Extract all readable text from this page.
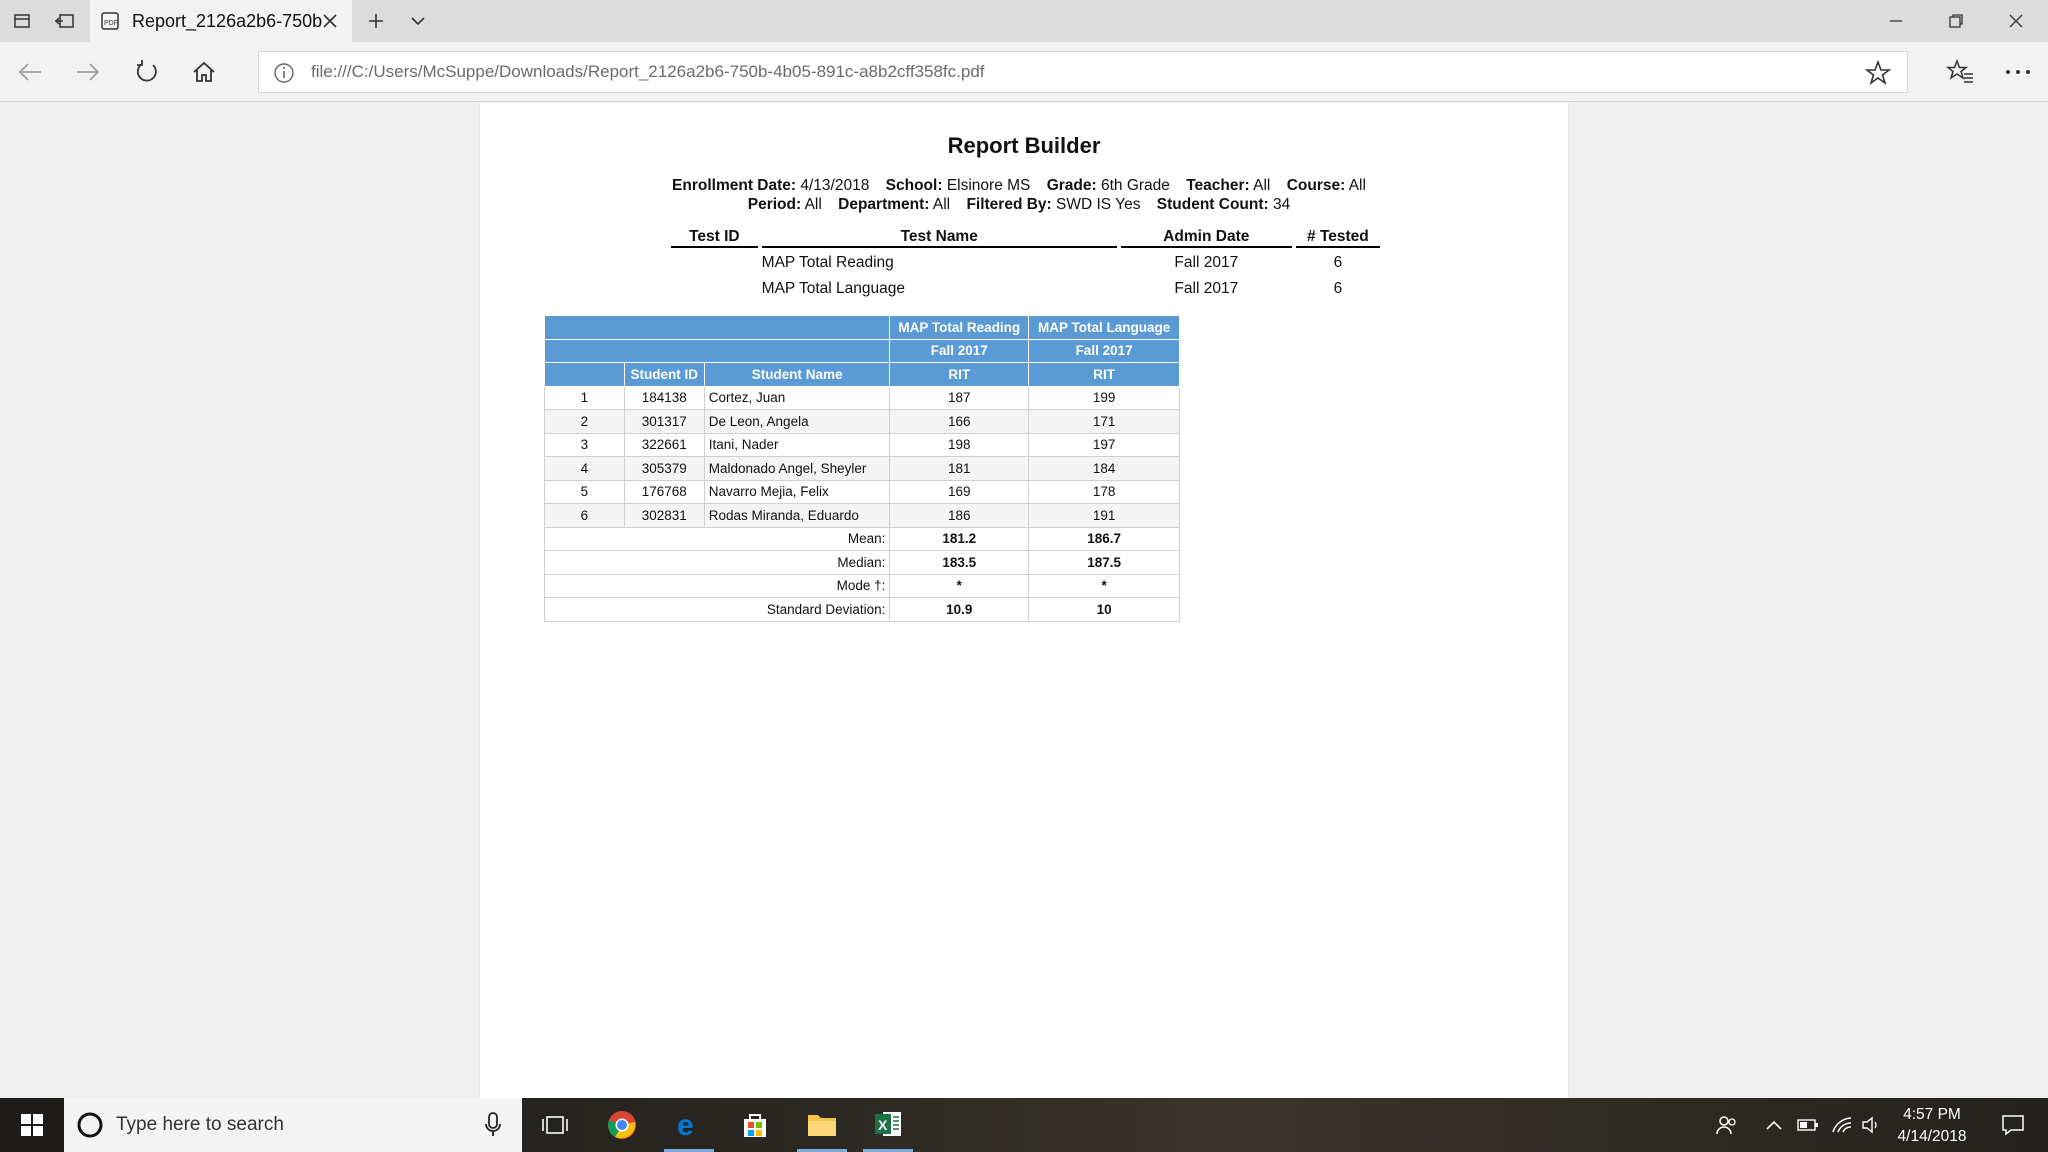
PDF Report_2126a2b6-750b
file:///C:/Users/McSuppe/Downloads/Report_2126a2b6-750b-4b05-891c-a8b2cff358fc.pdf
Report Builder
Enrollment Date: 4/13/2018 School: Elsinore MS Grade: 6th Grade Teacher: All Course: All Period: All Department: All Filtered By: SWD IS Yes Student Count: 34
Test ID	Test Name	Admin Date	# Tested
	MAP Total Reading	Fall 2017	6
	MAP Total Language	Fall 2017	6
			MAP Total Reading	MAP Total Language
			Fall 2017	Fall 2017
	Student ID	Student Name	RIT	RIT
1	184138	Cortez, Juan	187	199
2	301317	De Leon, Angela	166	171
3	322661	Itani, Nader	198	197
4	305379	Maldonado Angel, Sheyler	181	184
5	176768	Navarro Mejia, Felix	169	178
6	302831	Rodas Miranda, Eduardo	186	191
Mean:			181.2	186.7
Median:			183.5	187.5
Mode †:			*	*
Standard Deviation:			10.9	10
Type here to search	e	X
4:57 PM
4/14/2018
